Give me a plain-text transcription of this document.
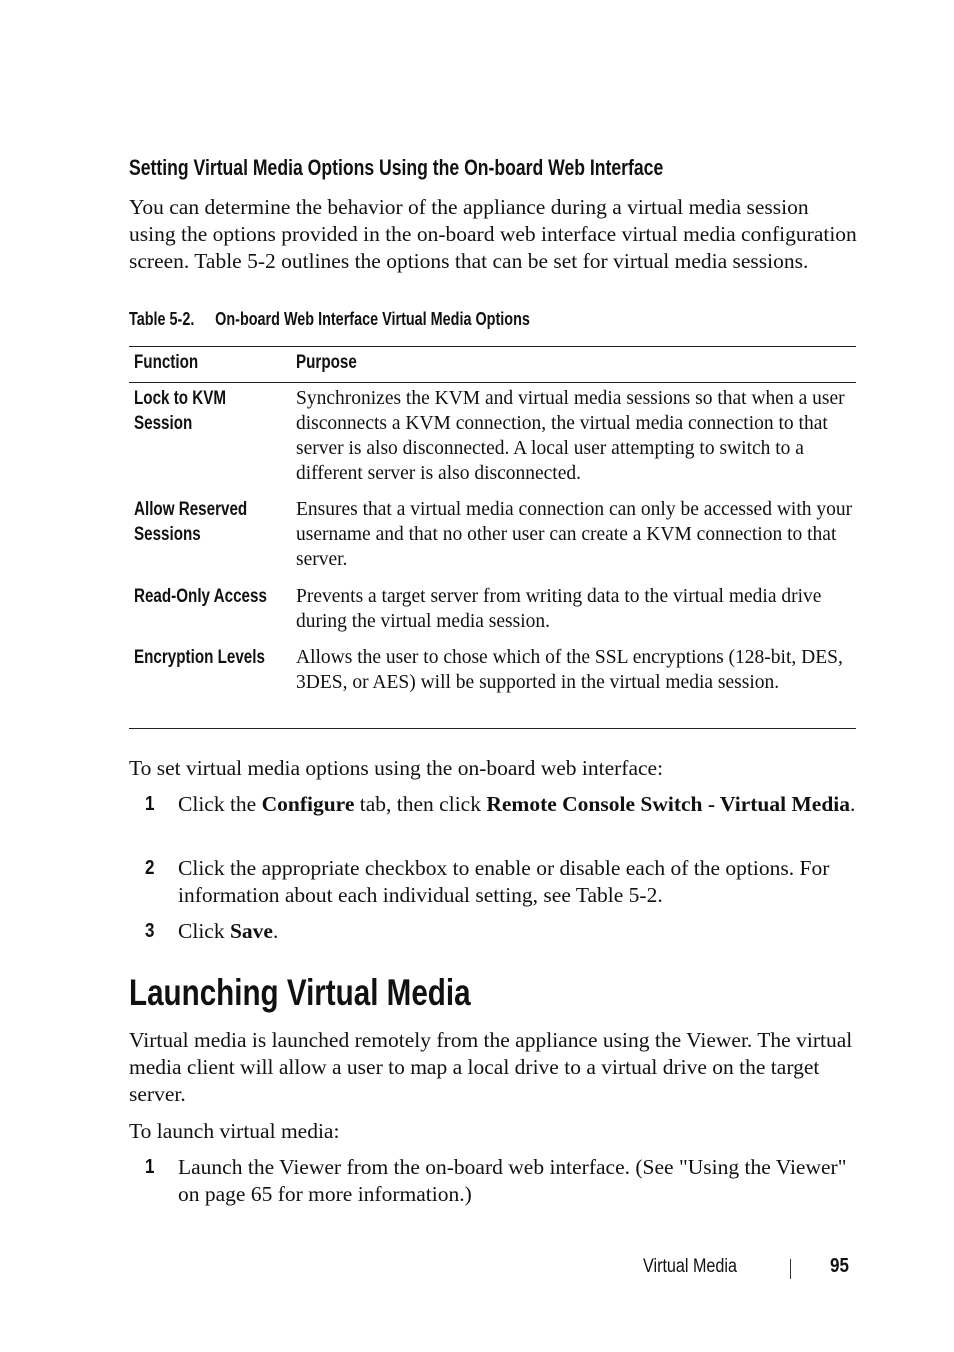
Setting Virtual Media Options Using the On-board Web Interface

You can determine the behavior of the appliance during a virtual media session using the options provided in the on-board web interface virtual media configuration screen. Table 5-2 outlines the options that can be set for virtual media sessions.

Table 5-2. On-board Web Interface Virtual Media Options
Function	Purpose
Lock to KVM
Session

Synchronizes the KVM and virtual media sessions so that when a user disconnects a KVM connection, the virtual media connection to that server is also disconnected. A local user attempting to switch to a different server is also disconnected.

Allow Reserved
Sessions

Ensures that a virtual media connection can only be accessed with your username and that no other user can create a KVM connection to that server.

Read-Only Access Prevents a target server from writing data to the virtual media drive during the virtual media session.

Encryption Levels Allows the user to chose which of the SSL encryptions (128-bit, DES, 3DES, or AES) will be supported in the virtual media session.

To set virtual media options using the on-board web interface:

1 Click the Configure tab, then click Remote Console Switch - Virtual Media.

2 Click the appropriate checkbox to enable or disable each of the options. For information about each individual setting, see Table 5-2.

3 Click Save.

Launching Virtual Media

Virtual media is launched remotely from the appliance using the Viewer. The virtual media client will allow a user to map a local drive to a virtual drive on the target server.

To launch virtual media:

1 Launch the Viewer from the on-board web interface. (See "Using the Viewer" on page 65 for more information.)

Virtual Media	95
